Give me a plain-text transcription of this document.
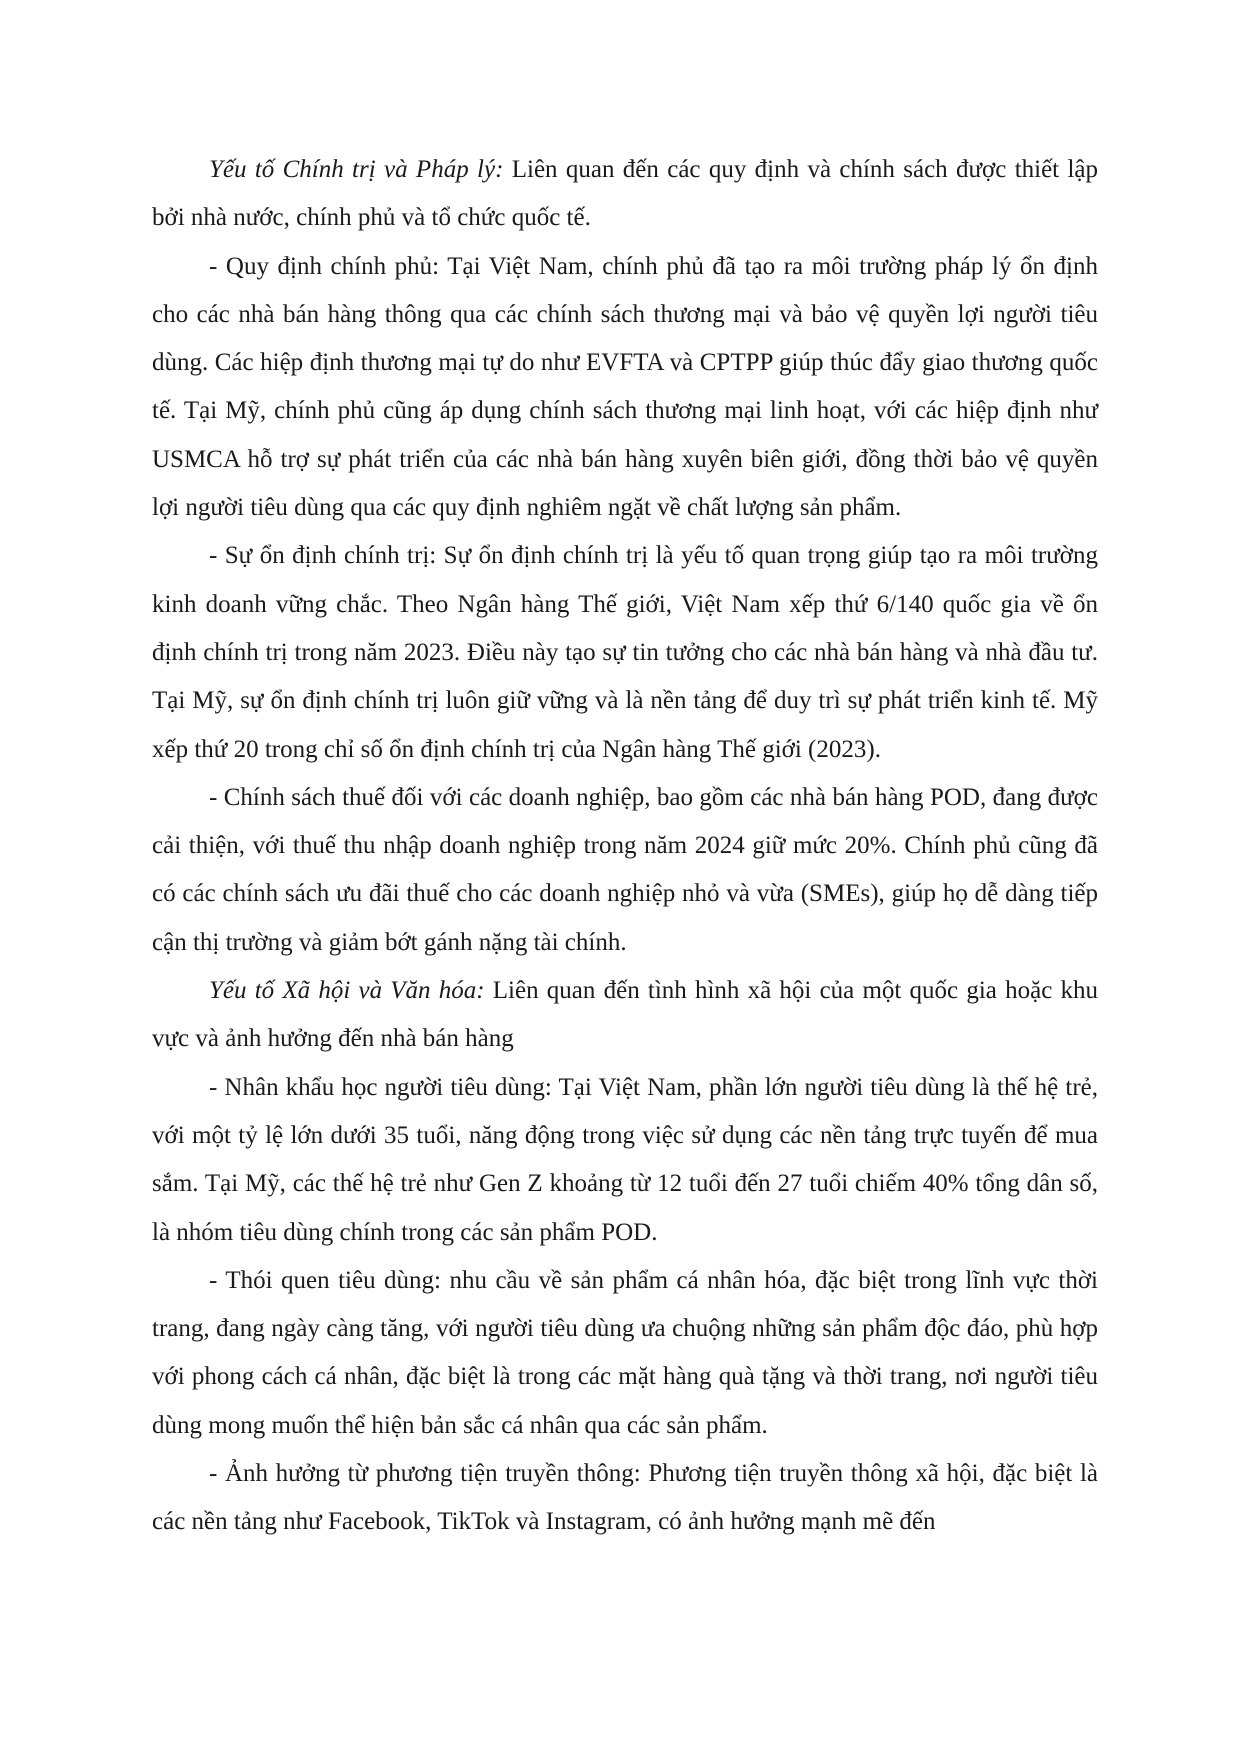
Yếu tố Chính trị và Pháp lý: Liên quan đến các quy định và chính sách được thiết lập bởi nhà nước, chính phủ và tổ chức quốc tế.

- Quy định chính phủ: Tại Việt Nam, chính phủ đã tạo ra môi trường pháp lý ổn định cho các nhà bán hàng thông qua các chính sách thương mại và bảo vệ quyền lợi người tiêu dùng. Các hiệp định thương mại tự do như EVFTA và CPTPP giúp thúc đẩy giao thương quốc tế. Tại Mỹ, chính phủ cũng áp dụng chính sách thương mại linh hoạt, với các hiệp định như USMCA hỗ trợ sự phát triển của các nhà bán hàng xuyên biên giới, đồng thời bảo vệ quyền lợi người tiêu dùng qua các quy định nghiêm ngặt về chất lượng sản phẩm.

- Sự ổn định chính trị: Sự ổn định chính trị là yếu tố quan trọng giúp tạo ra môi trường kinh doanh vững chắc. Theo Ngân hàng Thế giới, Việt Nam xếp thứ 6/140 quốc gia về ổn định chính trị trong năm 2023. Điều này tạo sự tin tưởng cho các nhà bán hàng và nhà đầu tư. Tại Mỹ, sự ổn định chính trị luôn giữ vững và là nền tảng để duy trì sự phát triển kinh tế. Mỹ xếp thứ 20 trong chỉ số ổn định chính trị của Ngân hàng Thế giới (2023).

- Chính sách thuế đối với các doanh nghiệp, bao gồm các nhà bán hàng POD, đang được cải thiện, với thuế thu nhập doanh nghiệp trong năm 2024 giữ mức 20%. Chính phủ cũng đã có các chính sách ưu đãi thuế cho các doanh nghiệp nhỏ và vừa (SMEs), giúp họ dễ dàng tiếp cận thị trường và giảm bớt gánh nặng tài chính.

Yếu tố Xã hội và Văn hóa: Liên quan đến tình hình xã hội của một quốc gia hoặc khu vực và ảnh hưởng đến nhà bán hàng

- Nhân khẩu học người tiêu dùng: Tại Việt Nam, phần lớn người tiêu dùng là thế hệ trẻ, với một tỷ lệ lớn dưới 35 tuổi, năng động trong việc sử dụng các nền tảng trực tuyến để mua sắm. Tại Mỹ, các thế hệ trẻ như Gen Z khoảng từ 12 tuổi đến 27 tuổi chiếm 40% tổng dân số, là nhóm tiêu dùng chính trong các sản phẩm POD.

- Thói quen tiêu dùng: nhu cầu về sản phẩm cá nhân hóa, đặc biệt trong lĩnh vực thời trang, đang ngày càng tăng, với người tiêu dùng ưa chuộng những sản phẩm độc đáo, phù hợp với phong cách cá nhân, đặc biệt là trong các mặt hàng quà tặng và thời trang, nơi người tiêu dùng mong muốn thể hiện bản sắc cá nhân qua các sản phẩm.

- Ảnh hưởng từ phương tiện truyền thông: Phương tiện truyền thông xã hội, đặc biệt là các nền tảng như Facebook, TikTok và Instagram, có ảnh hưởng mạnh mẽ đến
